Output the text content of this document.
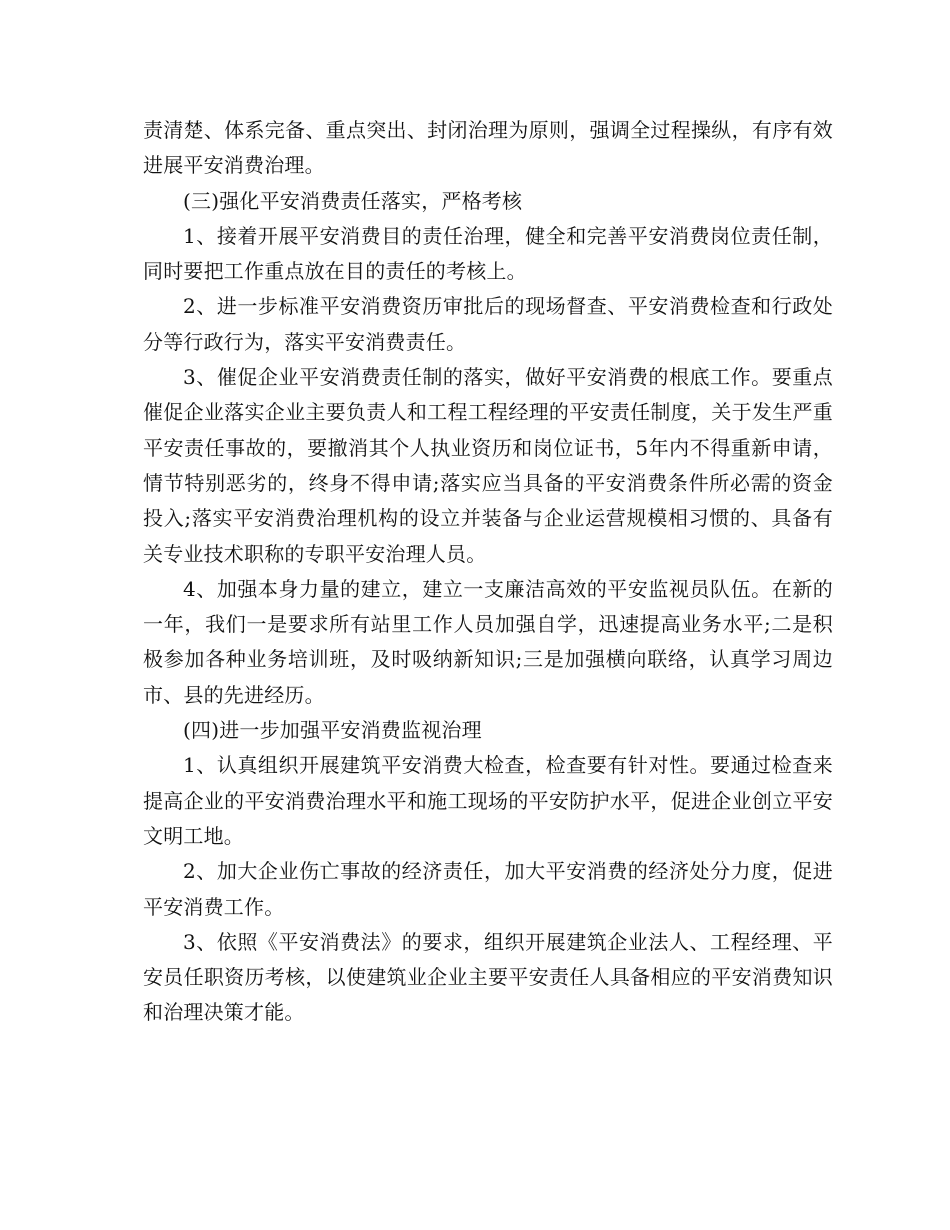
责清楚、体系完备、重点突出、封闭治理为原则，强调全过程操纵，有序有效进展平安消费治理。

(三)强化平安消费责任落实，严格考核

1、接着开展平安消费目的责任治理，健全和完善平安消费岗位责任制，同时要把工作重点放在目的责任的考核上。

2、进一步标准平安消费资历审批后的现场督查、平安消费检查和行政处分等行政行为，落实平安消费责任。

3、催促企业平安消费责任制的落实，做好平安消费的根底工作。要重点催促企业落实企业主要负责人和工程工程经理的平安责任制度，关于发生严重平安责任事故的，要撤消其个人执业资历和岗位证书，5年内不得重新申请，情节特别恶劣的，终身不得申请;落实应当具备的平安消费条件所必需的资金投入;落实平安消费治理机构的设立并装备与企业运营规模相习惯的、具备有关专业技术职称的专职平安治理人员。

4、加强本身力量的建立，建立一支廉洁高效的平安监视员队伍。在新的一年，我们一是要求所有站里工作人员加强自学，迅速提高业务水平;二是积极参加各种业务培训班，及时吸纳新知识;三是加强横向联络，认真学习周边市、县的先进经历。

(四)进一步加强平安消费监视治理

1、认真组织开展建筑平安消费大检查，检查要有针对性。要通过检查来提高企业的平安消费治理水平和施工现场的平安防护水平，促进企业创立平安文明工地。

2、加大企业伤亡事故的经济责任，加大平安消费的经济处分力度，促进平安消费工作。

3、依照《平安消费法》的要求，组织开展建筑企业法人、工程经理、平安员任职资历考核，以使建筑业企业主要平安责任人具备相应的平安消费知识和治理决策才能。
